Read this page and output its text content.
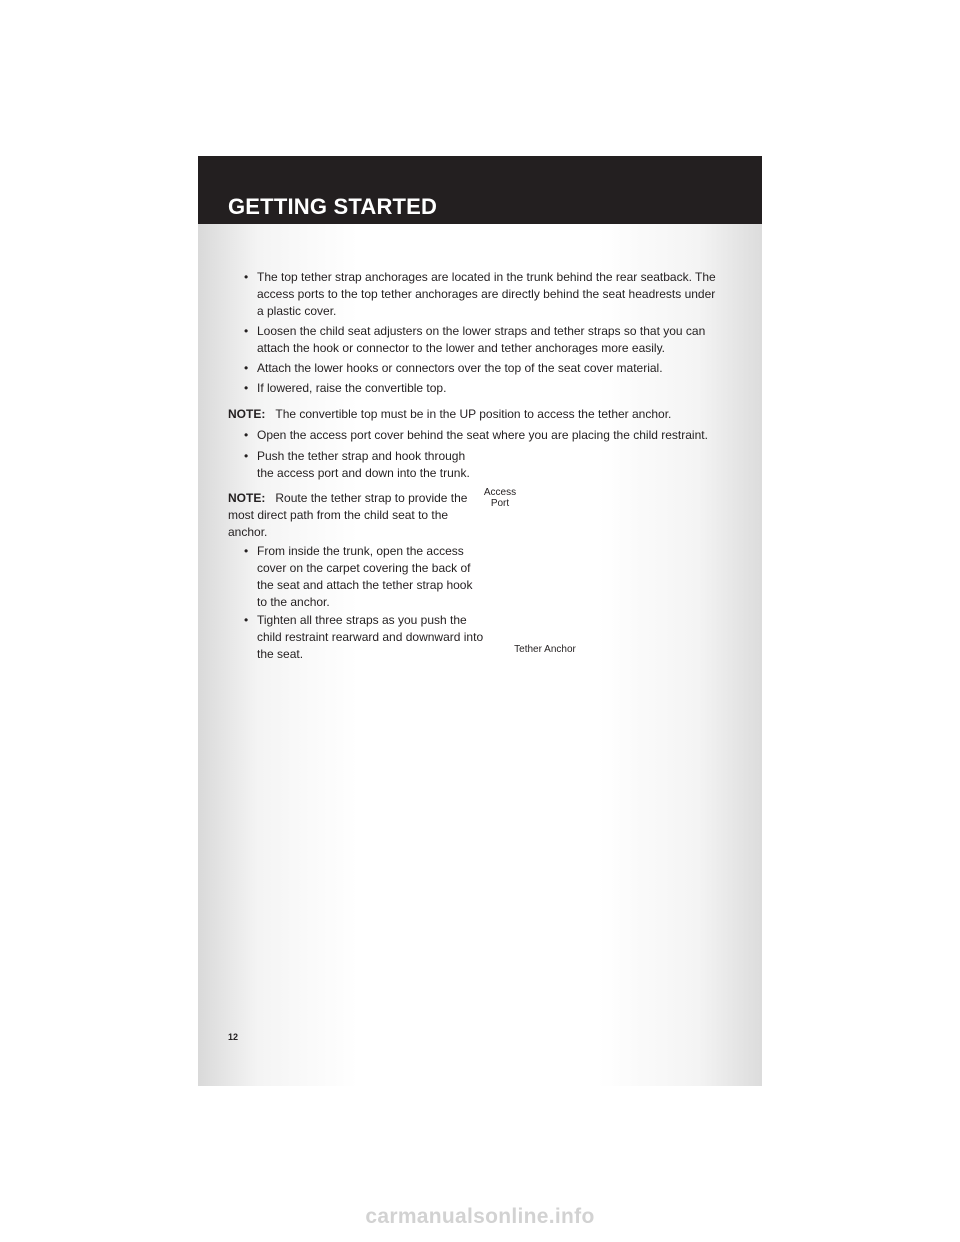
GETTING STARTED
• The top tether strap anchorages are located in the trunk behind the rear seatback. The access ports to the top tether anchorages are directly behind the seat headrests under a plastic cover.
• Loosen the child seat adjusters on the lower straps and tether straps so that you can attach the hook or connector to the lower and tether anchorages more easily.
• Attach the lower hooks or connectors over the top of the seat cover material.
• If lowered, raise the convertible top.
NOTE: The convertible top must be in the UP position to access the tether anchor.
• Open the access port cover behind the seat where you are placing the child restraint.
• Push the tether strap and hook through the access port and down into the trunk.
NOTE: Route the tether strap to provide the most direct path from the child seat to the anchor.
• From inside the trunk, open the access cover on the carpet covering the back of the seat and attach the tether strap hook to the anchor.
• Tighten all three straps as you push the child restraint rearward and downward into the seat.
Access
Port
Tether Anchor
12
carmanualsonline.info
